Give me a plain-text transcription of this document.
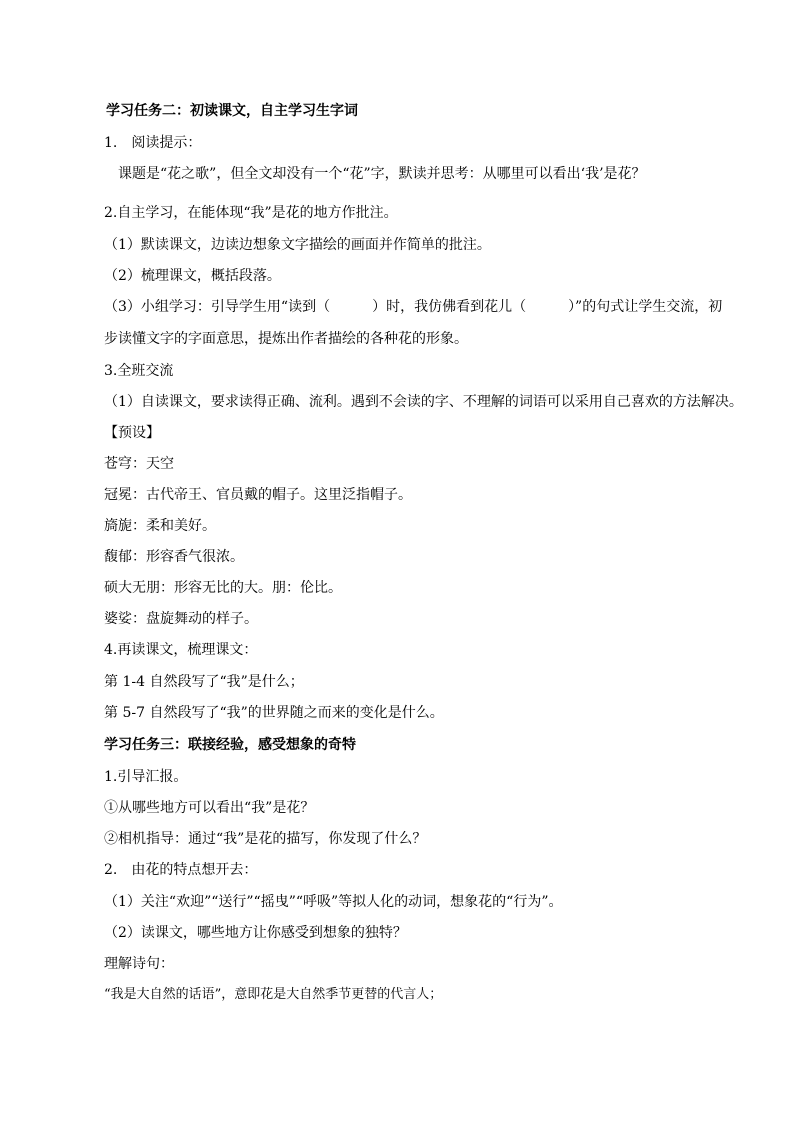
学习任务二：初读课文，自主学习生字词
1.　阅读提示：
课题是“花之歌”，但全文却没有一个“花”字，默读并思考：从哪里可以看出‘我’是花？
2.自主学习，在能体现“我”是花的地方作批注。
（1）默读课文，边读边想象文字描绘的画面并作简单的批注。
（2）梳理课文，概括段落。
（3）小组学习：引导学生用“读到（　　　）时，我仿佛看到花儿（　　　）”的句式让学生交流，初
步读懂文字的字面意思，提炼出作者描绘的各种花的形象。
3.全班交流
（1）自读课文，要求读得正确、流利。遇到不会读的字、不理解的词语可以采用自己喜欢的方法解决。
【预设】
苍穹：天空
冠冕：古代帝王、官员戴的帽子。这里泛指帽子。
旖旎：柔和美好。
馥郁：形容香气很浓。
硕大无朋：形容无比的大。朋：伦比。
婆娑：盘旋舞动的样子。
4.再读课文，梳理课文：
第 1-4 自然段写了“我”是什么；
第 5-7 自然段写了“我”的世界随之而来的变化是什么。
学习任务三：联接经验，感受想象的奇特
1.引导汇报。
①从哪些地方可以看出“我”是花？
②相机指导：通过“我”是花的描写，你发现了什么？
2.　由花的特点想开去：
（1）关注“欢迎”“送行”“摇曳”“呼吸”等拟人化的动词，想象花的“行为”。
（2）读课文，哪些地方让你感受到想象的独特？
理解诗句：
“我是大自然的话语”，意即花是大自然季节更替的代言人；
